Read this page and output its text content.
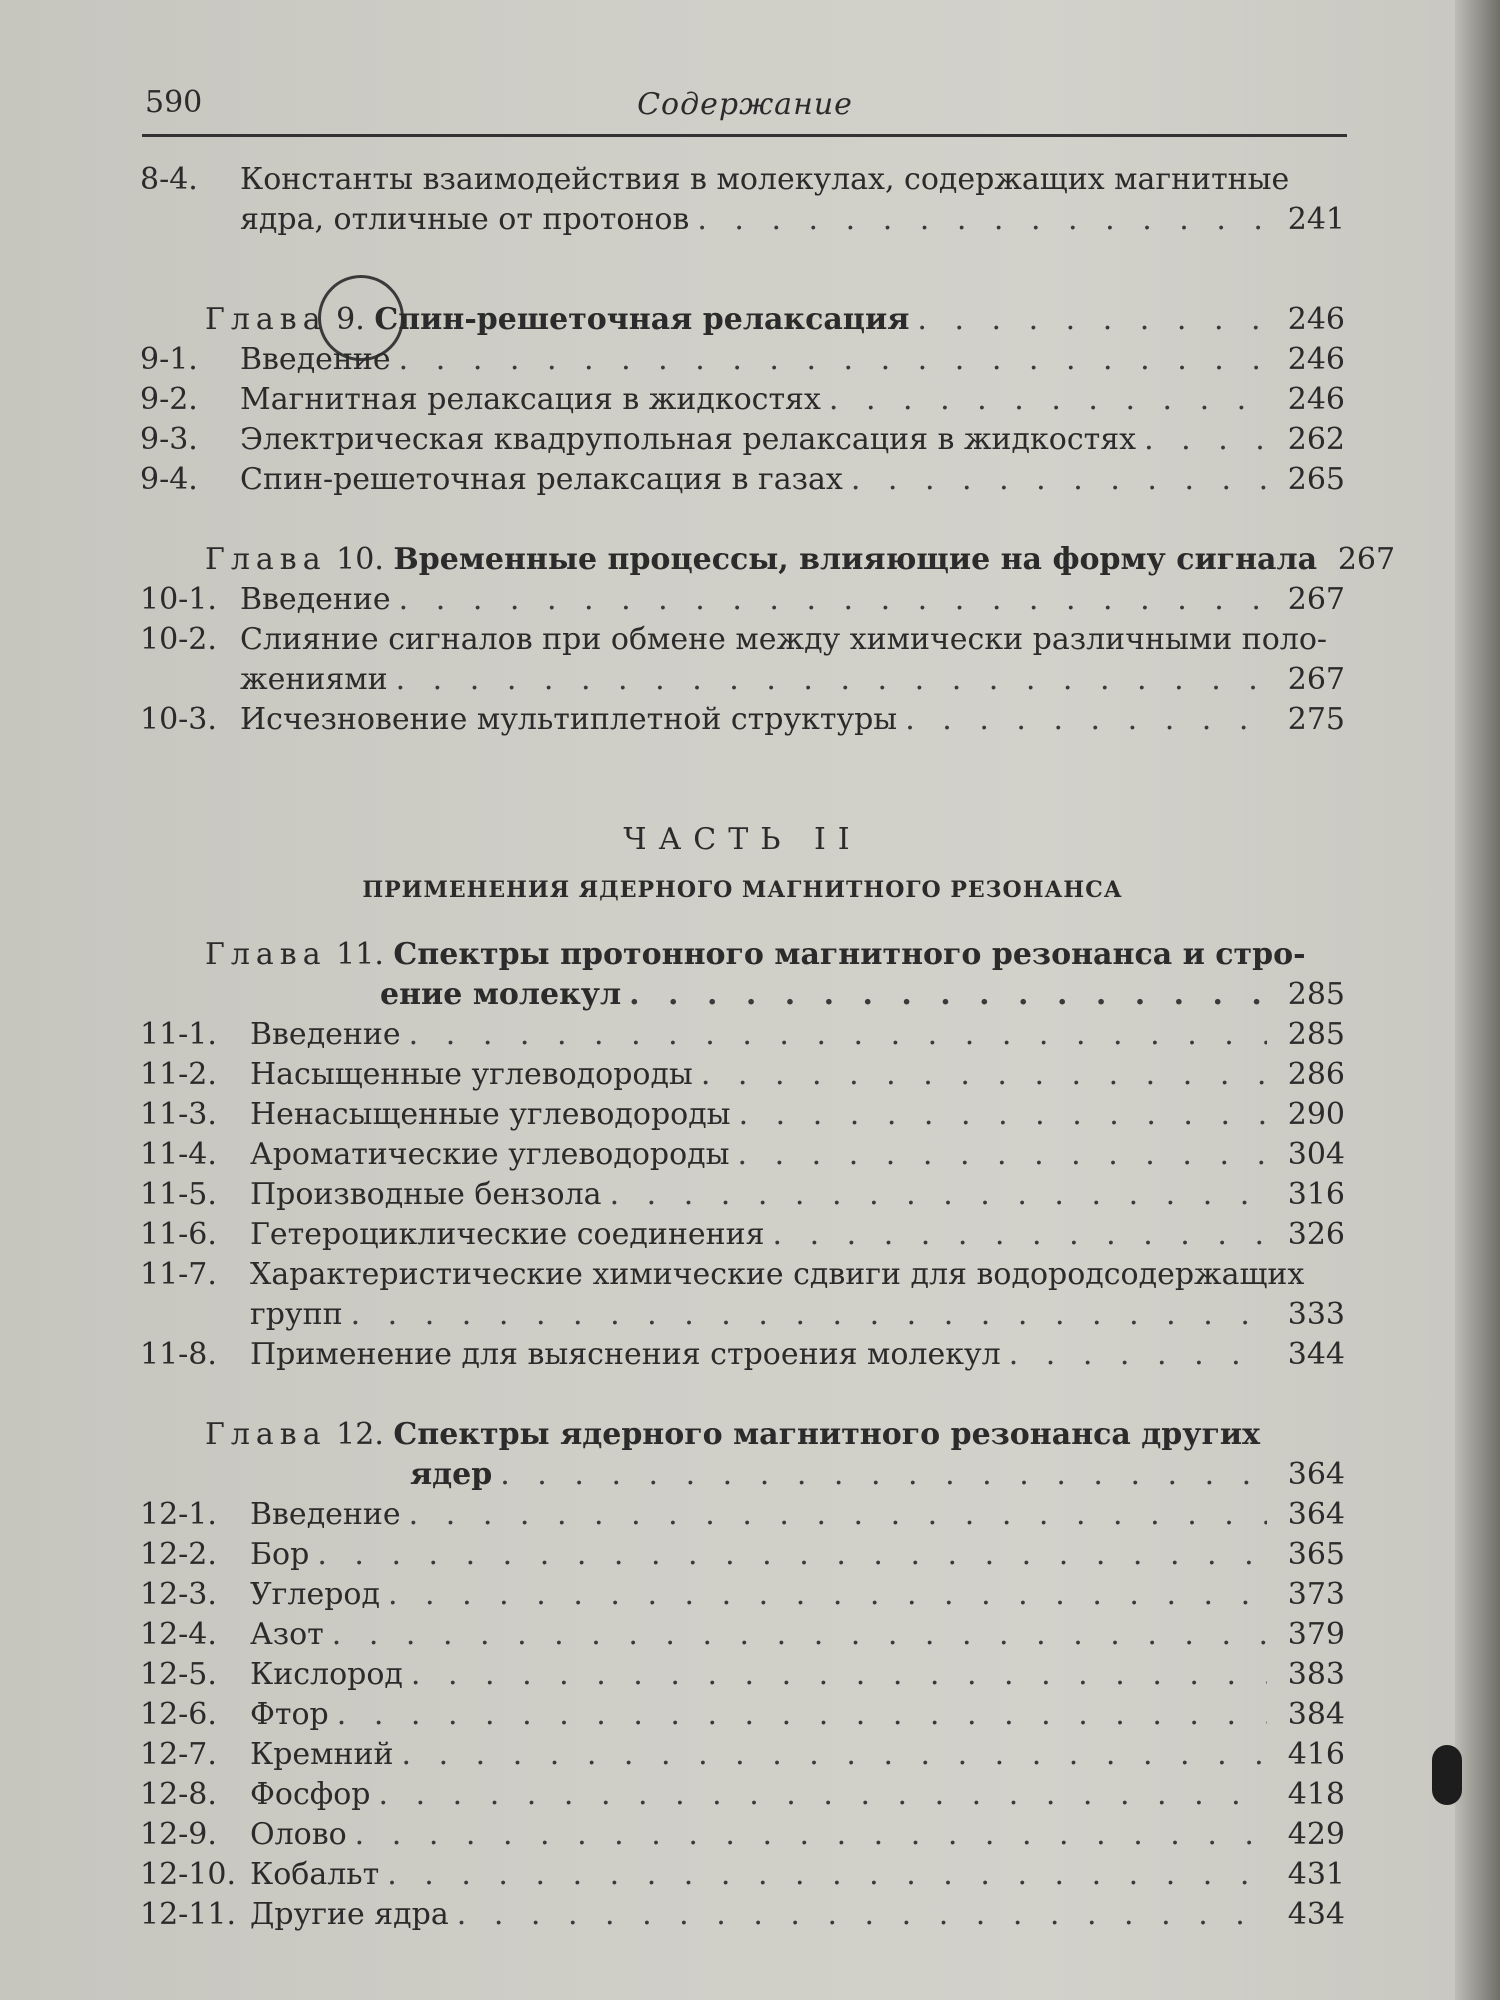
590	Содержание
8-4.	Константы взаимодействия в молекулах, содержащих магнитные
ядра, отличные от протонов . . .	241
Глава 9. Спин-решеточная релаксация . . .	246
9-1.	Введение . . .	246
9-2.	Магнитная релаксация в жидкостях . . .	246
9-3.	Электрическая квадрупольная релаксация в жидкостях . . .	262
9-4.	Спин-решеточная релаксация в газах . . .	265
Глава 10. Временные процессы, влияющие на форму сигнала 267
10-1. Введение . . .	267
10-2. Слияние сигналов при обмене между химически различными поло-
жениями . . .	267
10-3. Исчезновение мультиплетной структуры . . .	275
ЧАСТЬ II
ПРИМЕНЕНИЯ ЯДЕРНОГО МАГНИТНОГО РЕЗОНАНСА
Глава 11. Спектры протонного магнитного резонанса и стро-
ение молекул . . .	285
11-1.	Введение . . .	285
11-2.	Насыщенные углеводороды . . .	286
11-3.	Ненасыщенные углеводороды . . .	290
11-4.	Ароматические углеводороды . . .	304
11-5.	Производные бензола . . .	316
11-6.	Гетероциклические соединения . . .	326
11-7.	Характеристические химические сдвиги для водородсодержащих
групп . . .	333
11-8.	Применение для выяснения строения молекул . . .	344
Глава 12. Спектры ядерного магнитного резонанса других
ядер . . .	364
12-1.	Введение . . .	364
12-2.	Бор . . .	365
12-3.	Углерод . . .	373
12-4.	Азот . . .	379
12-5.	Кислород . . .	383
12-6.	Фтор . . .	384
12-7.	Кремний . . .	416
12-8.	Фосфор . . .	418
12-9.	Олово . . .	429
12-10. Кобальт . . .	431
12-11. Другие ядра . . .	434
